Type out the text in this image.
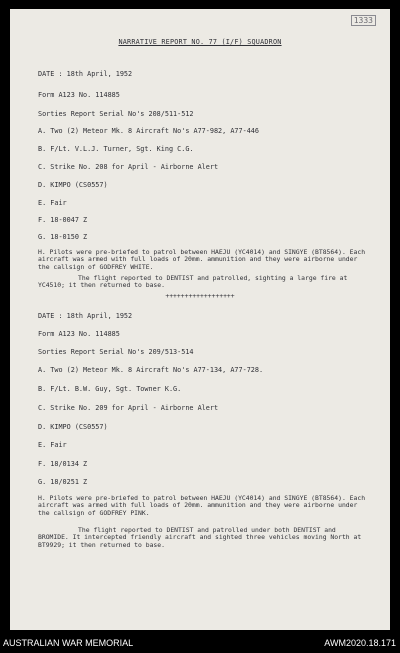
1333
NARRATIVE REPORT NO. 77 (I/F) SQUADRON
DATE : 18th April, 1952
Form A123 No. 114885
Sorties Report Serial No's 208/511-512
A. Two (2) Meteor Mk. 8 Aircraft No's A77-982, A77-446
B. F/Lt. V.L.J. Turner, Sgt. King C.G.
C. Strike No. 208 for April - Airborne Alert
D. KIMPO (CS0557)
E. Fair
F. 18-0047 Z
G. 18-0150 Z
H. Pilots were pre-briefed to patrol between HAEJU (YC4014) and SINGYE (BT8564). Each aircraft was armed with full loads of 20mm. ammunition and they were airborne under the callsign of GODFREY WHITE.
The flight reported to DENTIST and patrolled, sighting a large fire at YC4510; it then returned to base.
++++++++++++++++++
DATE : 18th April, 1952
Form A123 No. 114885
Sorties Report Serial No's 209/513-514
A. Two (2) Meteor Mk. 8 Aircraft No's A77-134, A77-728.
B. F/Lt. B.W. Guy, Sgt. Towner K.G.
C. Strike No. 209 for April - Airborne Alert
D. KIMPO (CS0557)
E. Fair
F. 18/0134 Z
G. 18/0251 Z
H. Pilots were pre-briefed to patrol between HAEJU (YC4014) and SINGYE (BT8564). Each aircraft was armed with full loads of 20mm. ammunition and they were airborne under the callsign of GODFREY PINK.
The flight reported to DENTIST and patrolled under both DENTIST and BROMIDE. It intercepted friendly aircraft and sighted three vehicles moving North at BT9929; it then returned to base.
AUSTRALIAN WAR MEMORIAL	AWM2020.18.171
